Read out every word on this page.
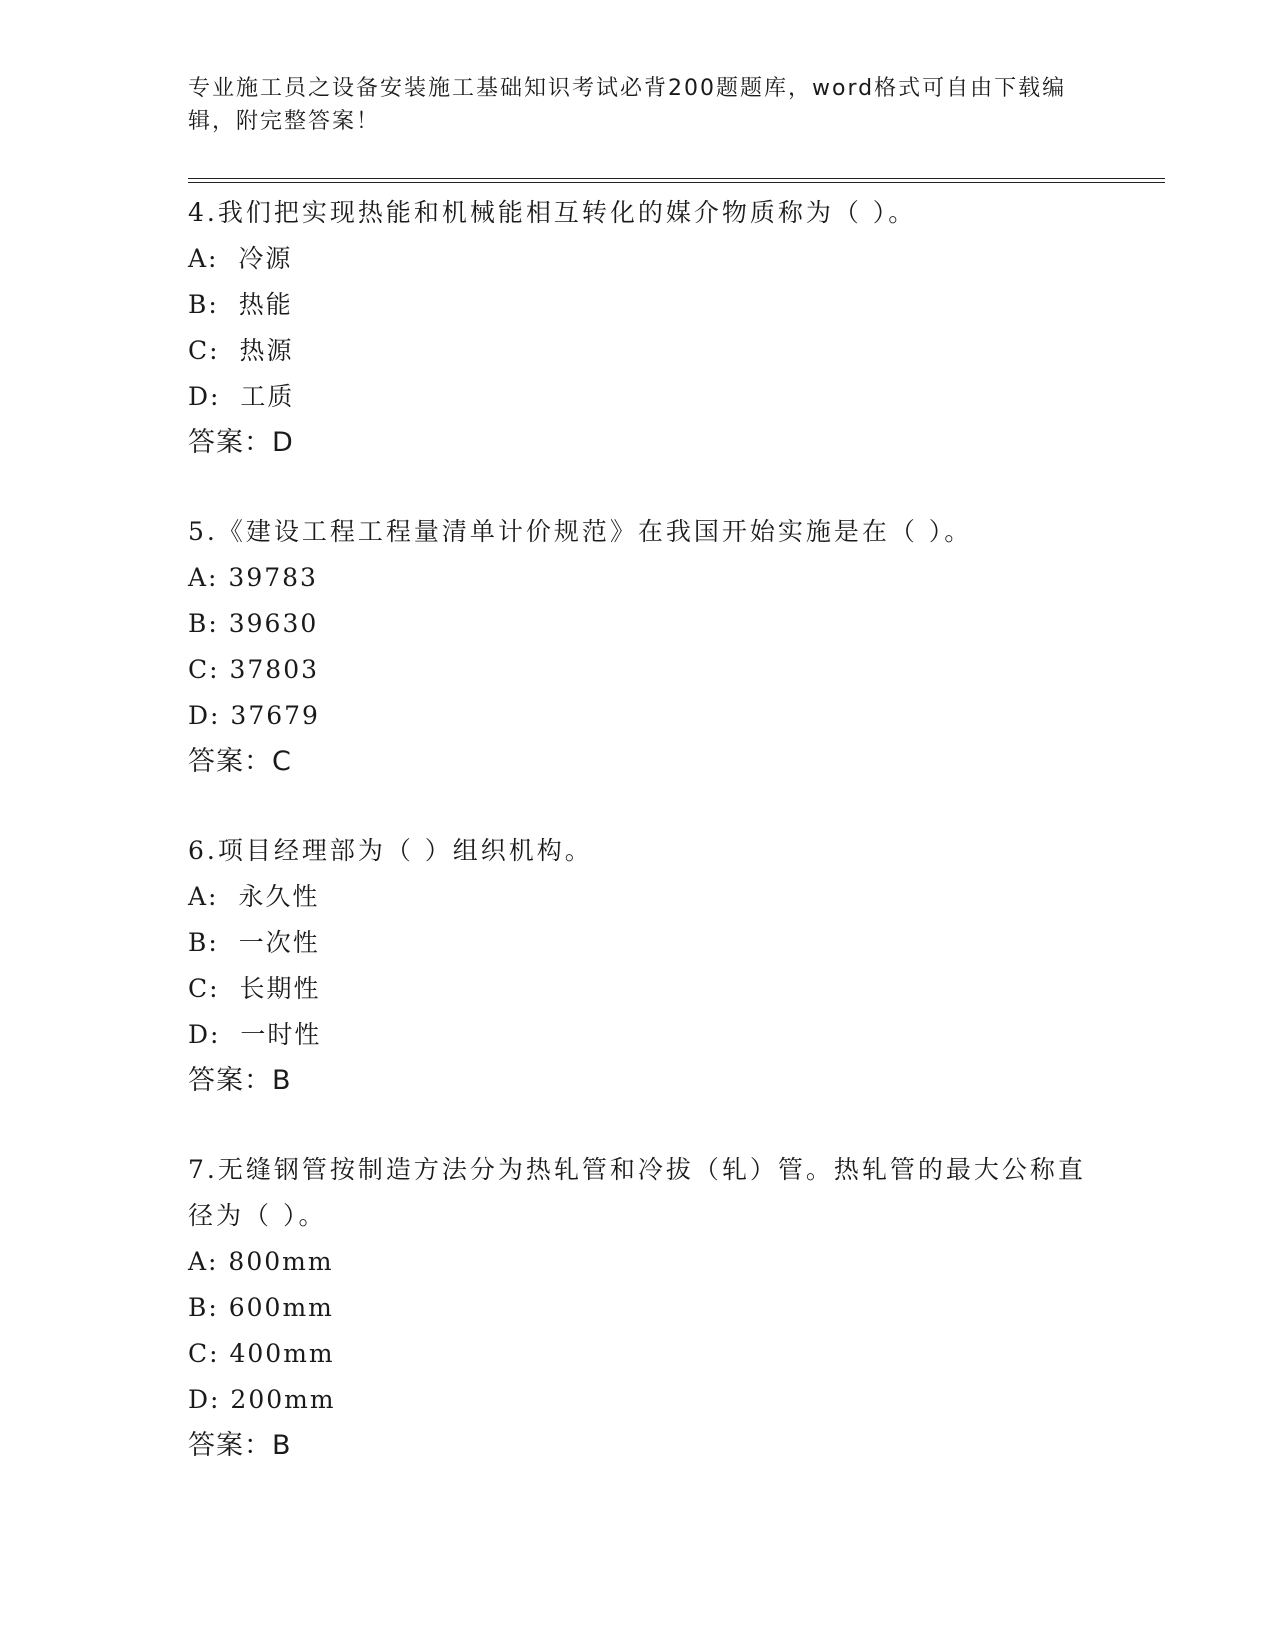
专业施工员之设备安装施工基础知识考试必背200题题库，word格式可自由下载编辑，附完整答案！
4.我们把实现热能和机械能相互转化的媒介物质称为（ ）。
A:  冷源
B:  热能
C:  热源
D:  工质
答案：D
5.《建设工程工程量清单计价规范》在我国开始实施是在（ ）。
A: 39783
B: 39630
C: 37803
D: 37679
答案：C
6.项目经理部为（ ）组织机构。
A:  永久性
B:  一次性
C:  长期性
D:  一时性
答案：B
7.无缝钢管按制造方法分为热轧管和冷拔（轧）管。热轧管的最大公称直径为（ ）。
A: 800mm
B: 600mm
C: 400mm
D: 200mm
答案：B
